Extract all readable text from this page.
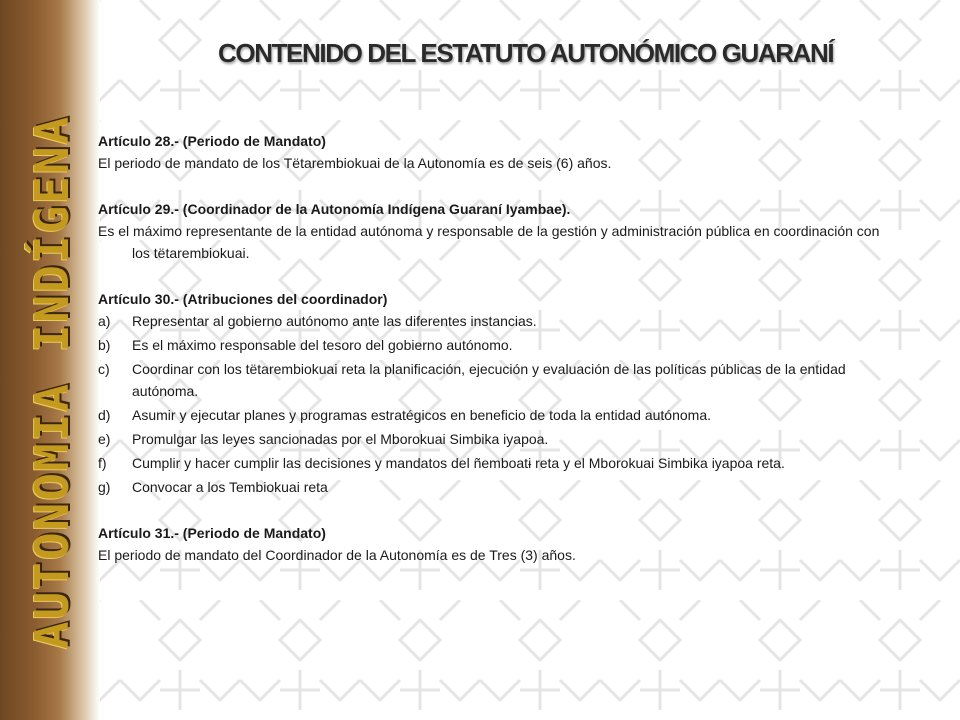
AUTONOMIA INDÍGENA
CONTENIDO DEL ESTATUTO AUTONÓMICO GUARANÍ

Artículo 28.- (Periodo de Mandato)

El periodo de mandato de los Tëtarembiokuai de la Autonomía es de seis (6) años.

Artículo 29.- (Coordinador de la Autonomía Indígena Guaraní Iyambae).

Es el máximo representante de la entidad autónoma y responsable de la gestión y administración pública en coordinación con los tëtarembiokuai.

Artículo 30.- (Atribuciones del coordinador)

a) Representar al gobierno autónomo ante las diferentes instancias.
b) Es el máximo responsable del tesoro del gobierno autónomo.
c) Coordinar con los tëtarembiokuai reta la planificación, ejecución y evaluación de las políticas públicas de la entidad autónoma.
d) Asumir y ejecutar planes y programas estratégicos en beneficio de toda la entidad autónoma.
e) Promulgar las leyes sancionadas por el Mborokuai Simbika iyapoa.
f) Cumplir y hacer cumplir las decisiones y mandatos del ñemboatɨ reta y el Mborokuai Simbika iyapoa reta.
g) Convocar a los Tembiokuai reta

Artículo 31.- (Periodo de Mandato)

El periodo de mandato del Coordinador de la Autonomía es de Tres (3) años.
